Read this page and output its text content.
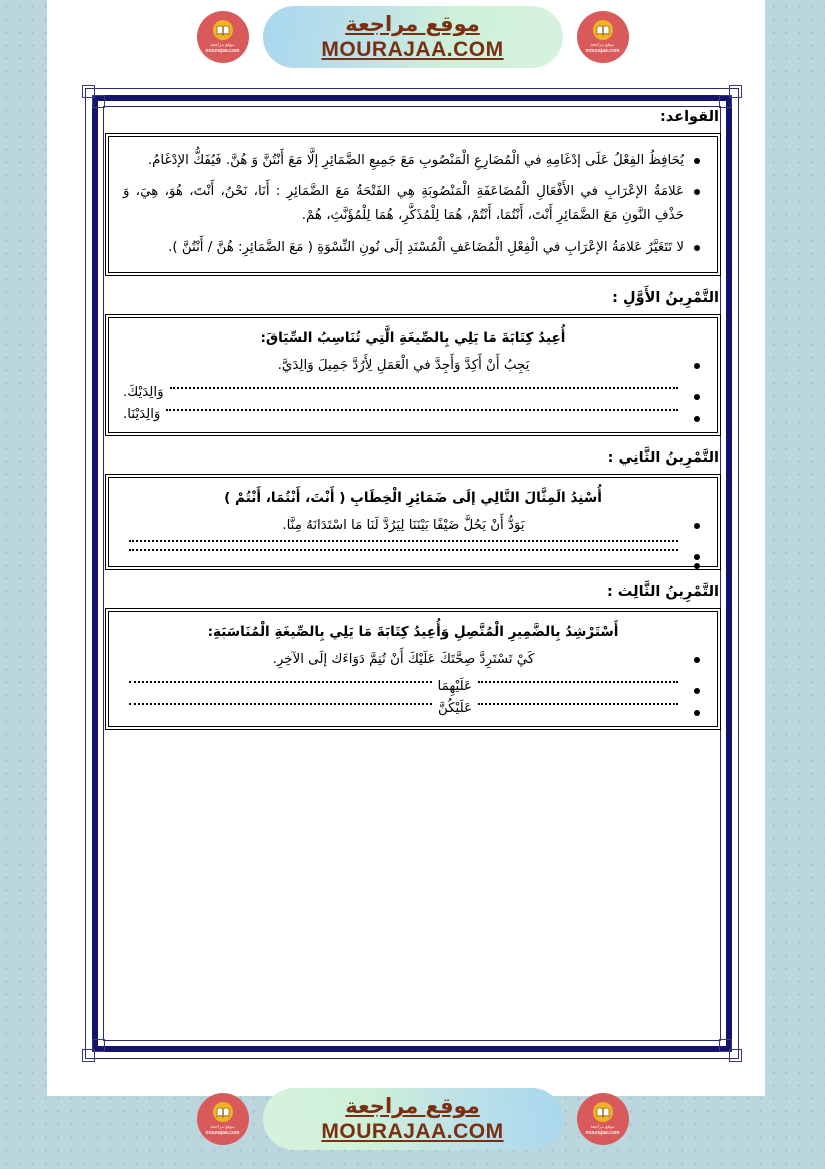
موقع مراجعة
mourajaa.com
موقع مراجعة
MOURAJAA.COM
موقع مراجعة
mourajaa.com
القواعد:
يُحَافِظُ الفِعْلُ عَلَى إدْغَامِهِ في الْمُضَارِعِ الْمَنْصُوبِ مَعَ جَمِيعِ الضَّمَائِرِ إلَّا مَعَ أَنْتُنَّ وَ هُنَّ. فَيُفَكُّ الإدْغَامُ.
عَلامَةُ الإعْرَابِ في الأَفْعَالِ الْمُضَاعَفَةِ الْمَنْصُوبَةِ هِي الفَتْحَةُ مَعَ الضَّمَائِرِ : أَنَا، نَحْنُ، أَنْتَ، هُوَ، هِيَ، وَ حَذْفِ النَّونِ مَعَ الضَّمَائِرِ أَنْتَ، أَنْتُمَا، أَنْتُمْ، هُمَا لِلْمُذَكَّرِ، هُمَا لِلْمُؤَنَّثِ، هُمْ.
لا تَتَغَيَّرُ عَلامَةُ الإعْرَابِ في الْفِعْلِ الْمُضَاعَفِ الْمُسْنَدِ إلَى نُونِ النِّسْوَةِ ( مَعَ الضَّمَائِرِ: هُنَّ / أَنْتُنَّ ).
التَّمْرِينُ الأَوَّلِ :
أُعِيدُ كِتَابَةَ مَا يَلِي بِالصِّيغَةِ الَّتِي تُنَاسِبُ السِّيَاقَ:
يَجِبُ أَنْ أَكِدَّ وَأَجِدَّ في الْعَمَلِ لِأَرُدَّ جَمِيلَ وَالِدَيَّ.
وَالِدَيْكَ.
وَالِدَيْنَا.
التَّمْرِينُ الثَّانِي :
أُسْنِدُ الَمِثَّالَ التَّالِي إلَى ضَمَائِرِ الْخِطَابِ ( أَنْتَ، أَنْتُمَا، أَنْتُمْ )
يَوَدُّ أَنْ يَحُلَّ ضَيْفًا بَيْنَنَا لِيَرُدَّ لَنَا مَا اسْتَدَانَهُ مِنَّا.
التَّمْرِينُ الثَّالِث :
أَسْتَرْشِدُ بِالضَّمِيرِ الْمُتَّصِلِ وَأُعِيدُ كِتَابَةَ مَا يَلِي بِالصِّيغَةِ الْمُنَاسَبَةِ:
كَيْ تَسْتَرِدَّ صِحَّتَكَ عَلَيْكَ أَنْ تُتِمَّ دَوَاءَك إلَى الآخِرِ.
عَلَيْهِمَا
عَلَيْكُنَّ
موقع مراجعة
mourajaa.com
موقع مراجعة
MOURAJAA.COM
موقع مراجعة
mourajaa.com
